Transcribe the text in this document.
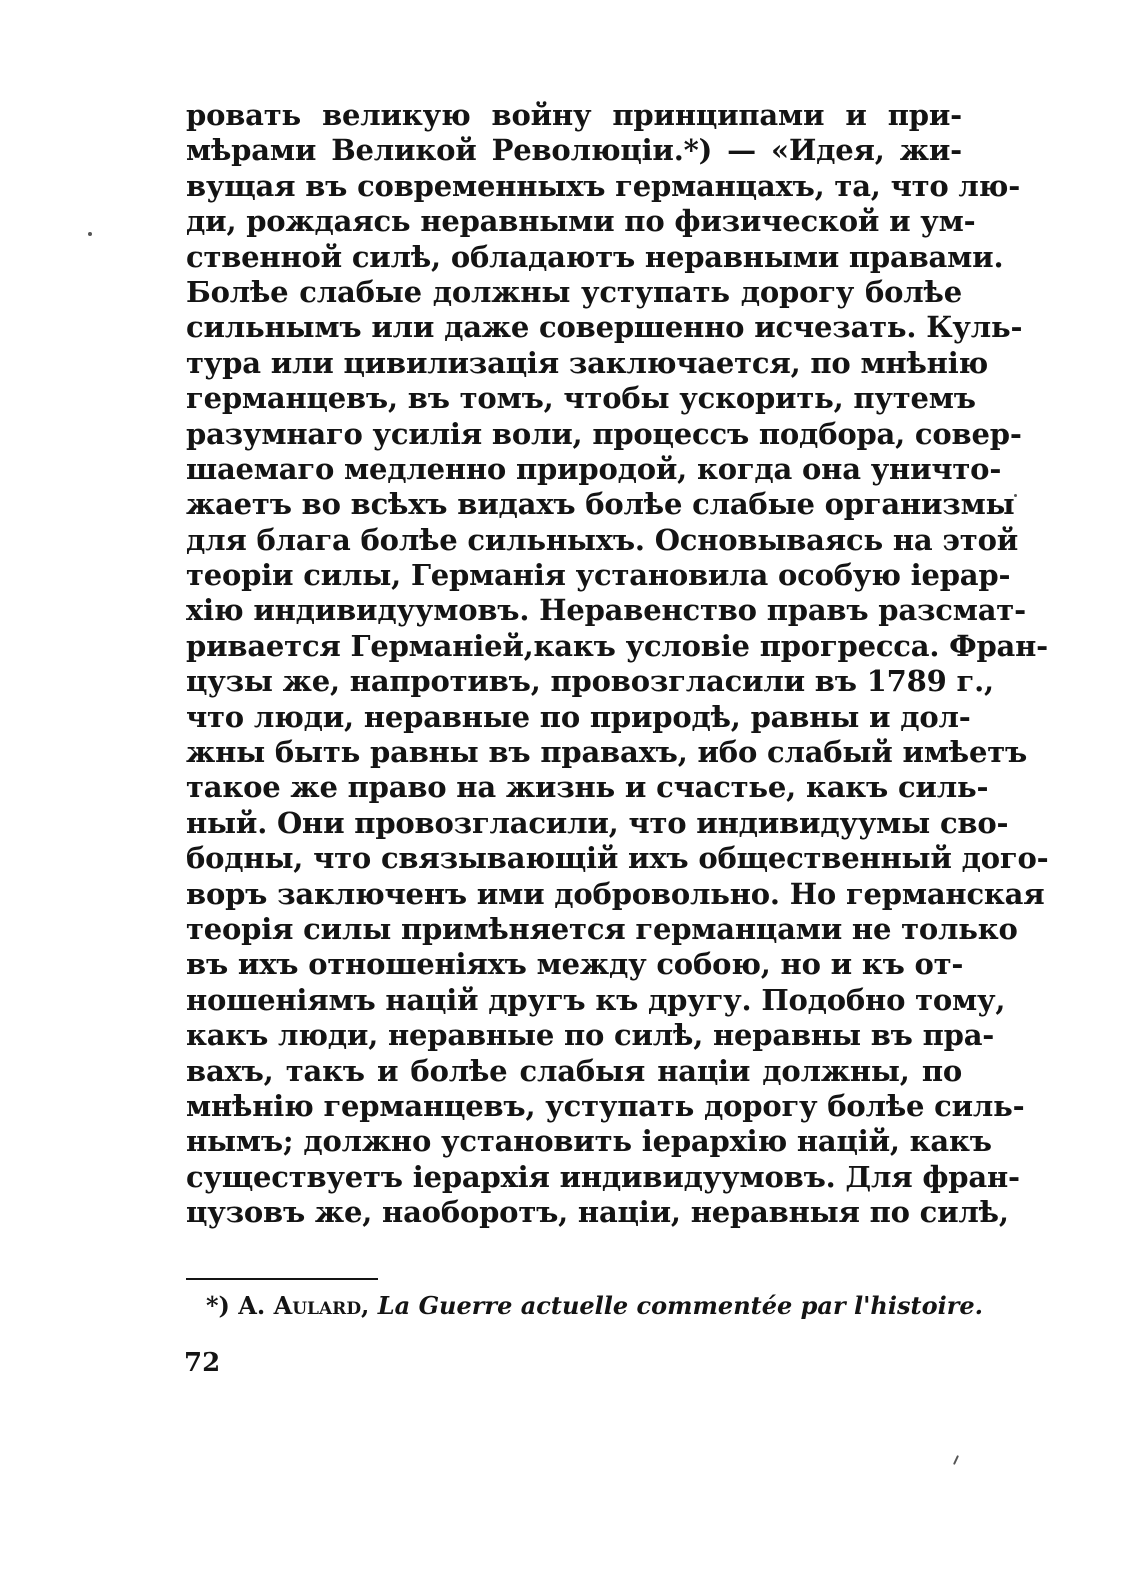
ровать великую войну принципами и при-
мѣрами Великой Революціи.*) — «Идея, жи-
вущая въ современныхъ германцахъ, та, что лю-
ди, рождаясь неравными по физической и ум-
ственной силѣ, обладаютъ неравными правами.
Болѣе слабые должны уступать дорогу болѣе
сильнымъ или даже совершенно исчезать. Куль-
тура или цивилизація заключается, по мнѣнію
германцевъ, въ томъ, чтобы ускорить, путемъ
разумнаго усилія воли, процессъ подбора, совер-
шаемаго медленно природой, когда она уничто-
жаетъ во всѣхъ видахъ болѣе слабые организмы
для блага болѣе сильныхъ. Основываясь на этой
теоріи силы, Германія установила особую іерар-
хію индивидуумовъ. Неравенство правъ разсмат-
ривается Германіей,какъ условіе прогресса. Фран-
цузы же, напротивъ, провозгласили въ 1789 г.,
что люди, неравные по природѣ, равны и дол-
жны быть равны въ правахъ, ибо слабый имѣетъ
такое же право на жизнь и счастье, какъ силь-
ный. Они провозгласили, что индивидуумы сво-
бодны, что связывающій ихъ общественный дого-
воръ заключенъ ими добровольно. Но германская
теорія силы примѣняется германцами не только
въ ихъ отношеніяхъ между собою, но и къ от-
ношеніямъ націй другъ къ другу. Подобно тому,
какъ люди, неравные по силѣ, неравны въ пра-
вахъ, такъ и болѣе слабыя націи должны, по
мнѣнію германцевъ, уступать дорогу болѣе силь-
нымъ; должно установить іерархію націй, какъ
существуетъ іерархія индивидуумовъ. Для фран-
цузовъ же, наоборотъ, націи, неравныя по силѣ,
*) A. Aulard, La Guerre actuelle commentée par l'histoire.
72
